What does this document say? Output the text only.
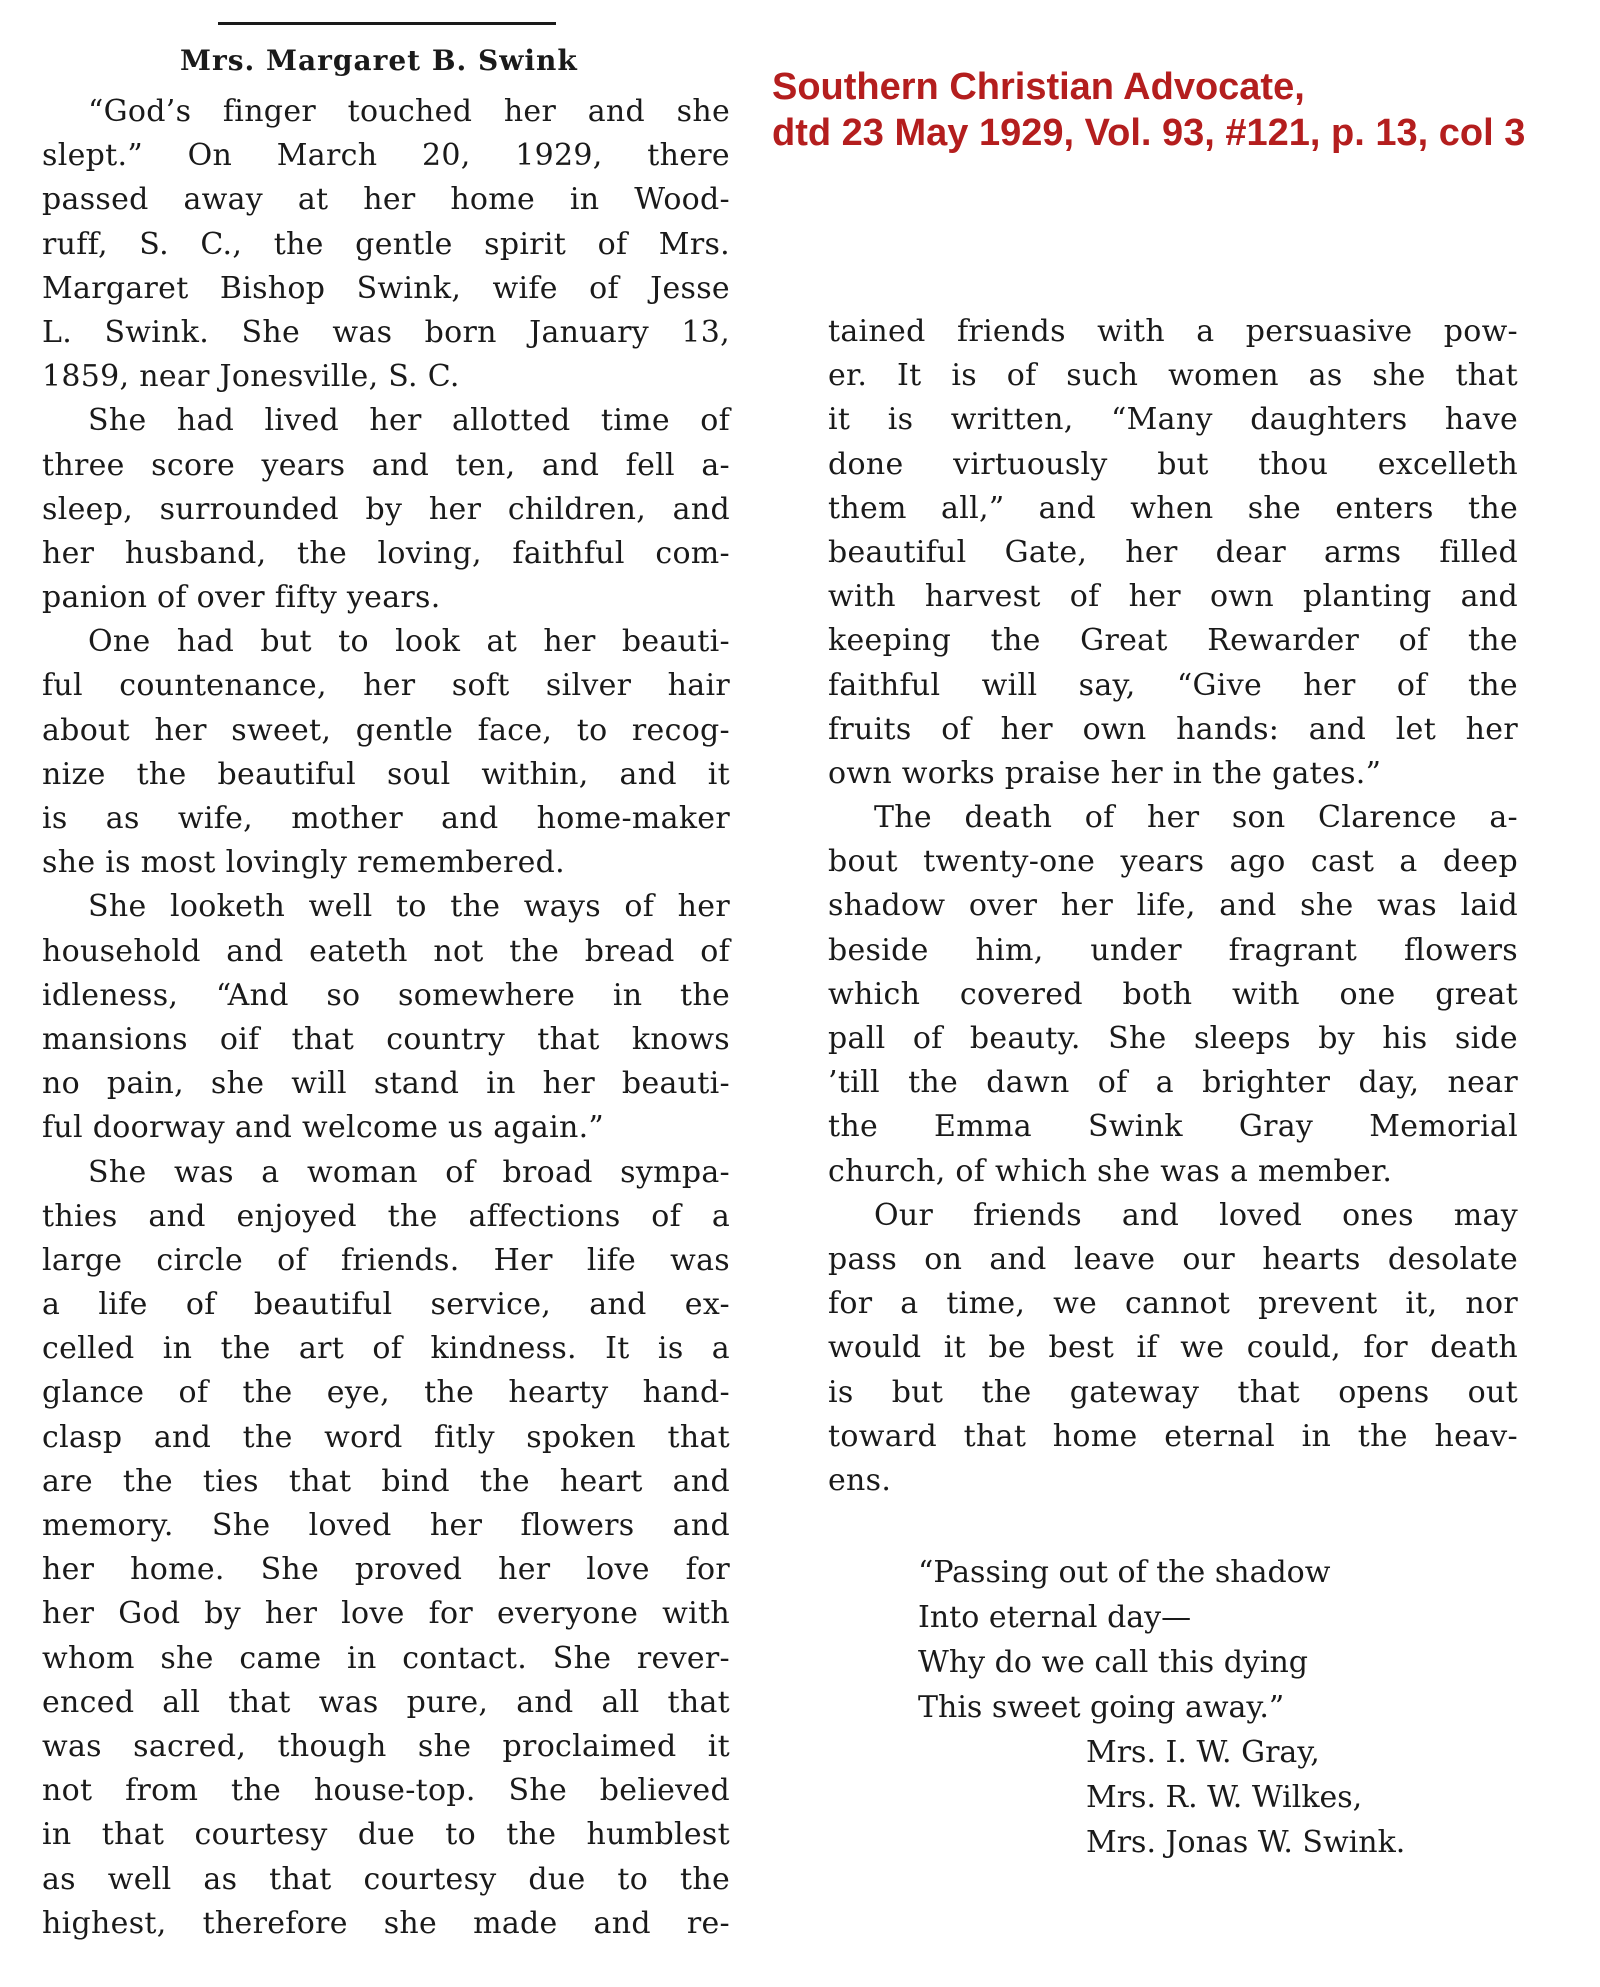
Mrs. Margaret B. Swink
Southern Christian Advocate,
dtd 23 May 1929, Vol. 93, #121, p. 13, col 3
“God’s finger touched her and she
slept.” On March 20, 1929, there
passed away at her home in Wood-
ruff, S. C., the gentle spirit of Mrs.
Margaret Bishop Swink, wife of Jesse
L. Swink. She was born January 13,
1859, near Jonesville, S. C.
She had lived her allotted time of
three score years and ten, and fell a-
sleep, surrounded by her children, and
her husband, the loving, faithful com-
panion of over fifty years.
One had but to look at her beauti-
ful countenance, her soft silver hair
about her sweet, gentle face, to recog-
nize the beautiful soul within, and it
is as wife, mother and home-maker
she is most lovingly remembered.
She looketh well to the ways of her
household and eateth not the bread of
idleness, “And so somewhere in the
mansions oif that country that knows
no pain, she will stand in her beauti-
ful doorway and welcome us again.”
She was a woman of broad sympa-
thies and enjoyed the affections of a
large circle of friends. Her life was
a life of beautiful service, and ex-
celled in the art of kindness. It is a
glance of the eye, the hearty hand-
clasp and the word fitly spoken that
are the ties that bind the heart and
memory. She loved her flowers and
her home. She proved her love for
her God by her love for everyone with
whom she came in contact. She rever-
enced all that was pure, and all that
was sacred, though she proclaimed it
not from the house-top. She believed
in that courtesy due to the humblest
as well as that courtesy due to the
highest, therefore she made and re-
tained friends with a persuasive pow-
er. It is of such women as she that
it is written, “Many daughters have
done virtuously but thou excelleth
them all,” and when she enters the
beautiful Gate, her dear arms filled
with harvest of her own planting and
keeping the Great Rewarder of the
faithful will say, “Give her of the
fruits of her own hands: and let her
own works praise her in the gates.”
The death of her son Clarence a-
bout twenty-one years ago cast a deep
shadow over her life, and she was laid
beside him, under fragrant flowers
which covered both with one great
pall of beauty. She sleeps by his side
’till the dawn of a brighter day, near
the Emma Swink Gray Memorial
church, of which she was a member.
Our friends and loved ones may
pass on and leave our hearts desolate
for a time, we cannot prevent it, nor
would it be best if we could, for death
is but the gateway that opens out
toward that home eternal in the heav-
ens.
“Passing out of the shadow
Into eternal day—
Why do we call this dying
This sweet going away.”
Mrs. I. W. Gray,
Mrs. R. W. Wilkes,
Mrs. Jonas W. Swink.
